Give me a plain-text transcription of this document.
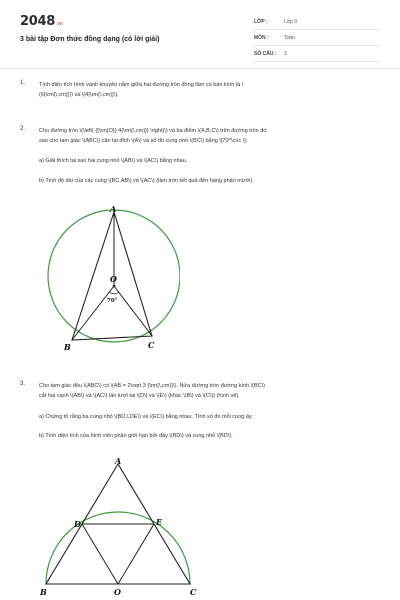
2048.vn
3 bài tập Đơn thức đồng dạng (có lời giải)
LỚP :	Lớp 9
MÔN :	Toán
SỐ CÂU :	3
1.	Tính diện tích hình vành khuyên nằm giữa hai đường tròn đồng tâm có bán kính là \
(6{\rm{\,cm}}\) và \(4{\rm{\,cm}}\).
2.	Cho đường tròn \(\left( {{\rm{O}};4{\rm{\,cm}}} \right)\) và ba điểm \(A,B,C\) trên đường tròn đó
sao cho tam giác \(ABC\) cân tại đỉnh \(A\) và số đo cung nhỏ \(BC\) bằng \[70^\circ \].
a) Giải thích tại sao hai cung nhỏ \(AB\) và \(AC\) bằng nhau.
b) Tính độ dài của các cung \(BC,AB\) và \(AC\) (làm tròn kết quả đến hàng phần mười).
3.	Cho tam giác đều \(ABC\) có \(AB = 2\sqrt 3 {\rm{\,cm}}\). Nửa đường tròn đường kính \(BC\)
cắt hai cạnh \(AB\) và \(AC\) lần lượt tại \(D\) và \(E\) (khác \(B\) và \(C\)) (hình vẽ).
a) Chứng tỏ rằng ba cung nhỏ \(BD,\,DE\) và \(EC\) bằng nhau. Tính số đo mỗi cung ấy.
b) Tính diện tích của hình viên phân giới hạn bởi dây \(BD\) và cung nhỏ \(BD\).
A
B	C
O
70°
A
D	E
B	O	C
